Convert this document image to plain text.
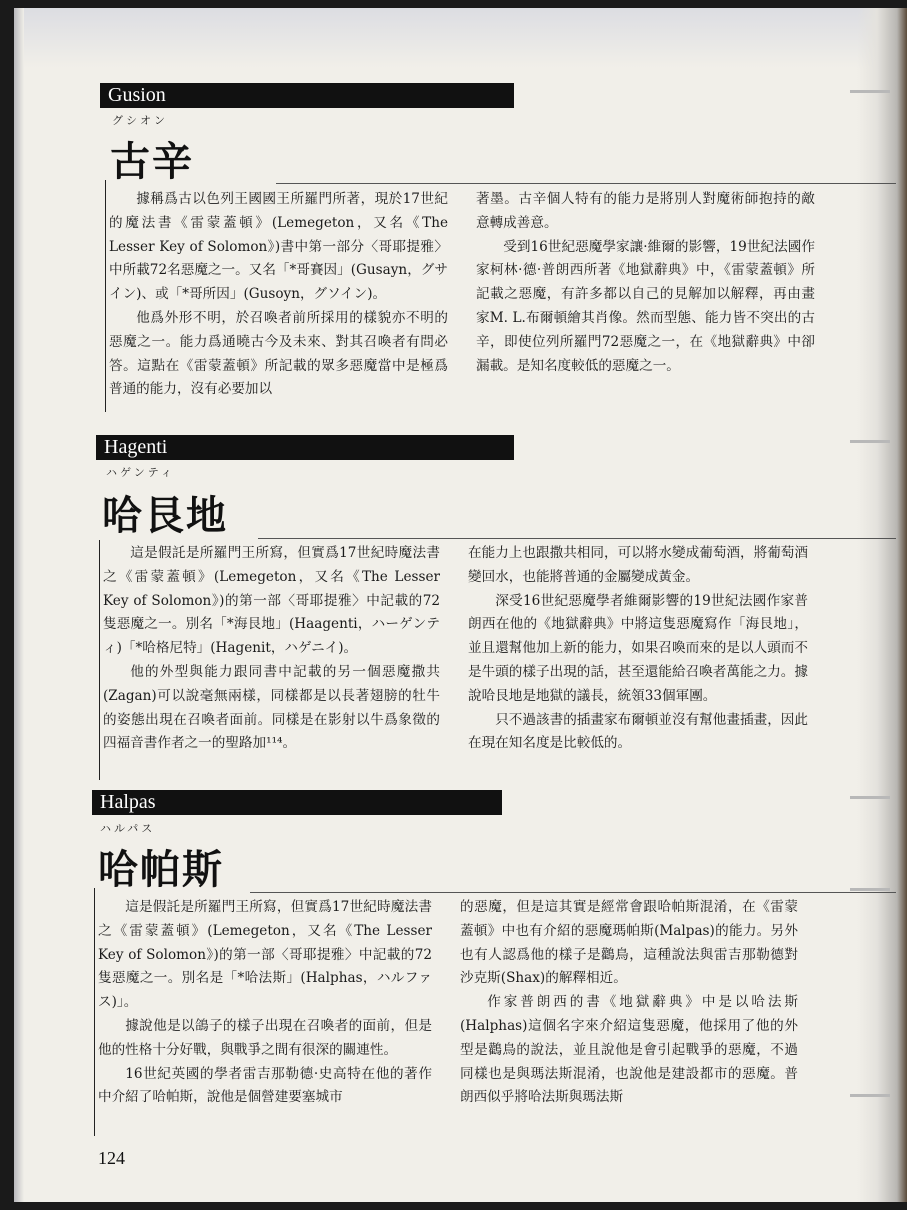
Gusion
グシオン
古辛

據稱爲古以色列王國國王所羅門所著，現於17世紀的魔法書《雷蒙蓋頓》(Lemegeton，又名《The Lesser Key of Solomon》)書中第一部分〈哥耶提雅〉中所載72名惡魔之一。又名「*哥賽因」(Gusayn，グサイン)、或「*哥所因」(Gusoyn，グソイン)。

他爲外形不明，於召喚者前所採用的樣貌亦不明的惡魔之一。能力爲通曉古今及未來、對其召喚者有問必答。這點在《雷蒙蓋頓》所記載的眾多惡魔當中是極爲普通的能力，沒有必要加以

著墨。古辛個人特有的能力是將別人對魔術師抱持的敵意轉成善意。

受到16世紀惡魔學家讓·維爾的影響，19世紀法國作家柯林·德·普朗西所著《地獄辭典》中，《雷蒙蓋頓》所記載之惡魔，有許多都以自己的見解加以解釋，再由畫家M. L.布爾頓繪其肖像。然而型態、能力皆不突出的古辛，即使位列所羅門72惡魔之一，在《地獄辭典》中卻漏載。是知名度較低的惡魔之一。

Hagenti
ハゲンティ
哈艮地

這是假託是所羅門王所寫，但實爲17世紀時魔法書之《雷蒙蓋頓》(Lemegeton，又名《The Lesser Key of Solomon》)的第一部〈哥耶提雅〉中記載的72隻惡魔之一。別名「*海艮地」(Haagenti，ハーゲンティ)「*哈格尼特」(Hagenit，ハゲニイ)。

他的外型與能力跟同書中記載的另一個惡魔撒共(Zagan)可以說毫無兩樣，同樣都是以長著翅膀的牡牛的姿態出現在召喚者面前。同樣是在影射以牛爲象徵的四福音書作者之一的聖路加¹¹⁴。

在能力上也跟撒共相同，可以將水變成葡萄酒，將葡萄酒變回水，也能將普通的金屬變成黃金。

深受16世紀惡魔學者維爾影響的19世紀法國作家普朗西在他的《地獄辭典》中將這隻惡魔寫作「海艮地」，並且還幫他加上新的能力，如果召喚而來的是以人頭而不是牛頭的樣子出現的話，甚至還能給召喚者萬能之力。據說哈艮地是地獄的議長，統領33個軍團。

只不過該書的插畫家布爾頓並沒有幫他畫插畫，因此在現在知名度是比較低的。

Halpas
ハルパス
哈帕斯

這是假託是所羅門王所寫，但實爲17世紀時魔法書之《雷蒙蓋頓》(Lemegeton，又名《The Lesser Key of Solomon》)的第一部〈哥耶提雅〉中記載的72隻惡魔之一。別名是「*哈法斯」(Halphas，ハルファス)」。

據說他是以鴿子的樣子出現在召喚者的面前，但是他的性格十分好戰，與戰爭之間有很深的關連性。

16世紀英國的學者雷吉那勒德·史高特在他的著作中介紹了哈帕斯，說他是個營建要塞城市

的惡魔，但是這其實是經常會跟哈帕斯混淆，在《雷蒙蓋頓》中也有介紹的惡魔瑪帕斯(Malpas)的能力。另外也有人認爲他的樣子是鸛鳥，這種說法與雷吉那勒德對沙克斯(Shax)的解釋相近。

作家普朗西的書《地獄辭典》中是以哈法斯(Halphas)這個名字來介紹這隻惡魔，他採用了他的外型是鸛鳥的說法，並且說他是會引起戰爭的惡魔，不過同樣也是與瑪法斯混淆，也說他是建設都市的惡魔。普朗西似乎將哈法斯與瑪法斯

124
